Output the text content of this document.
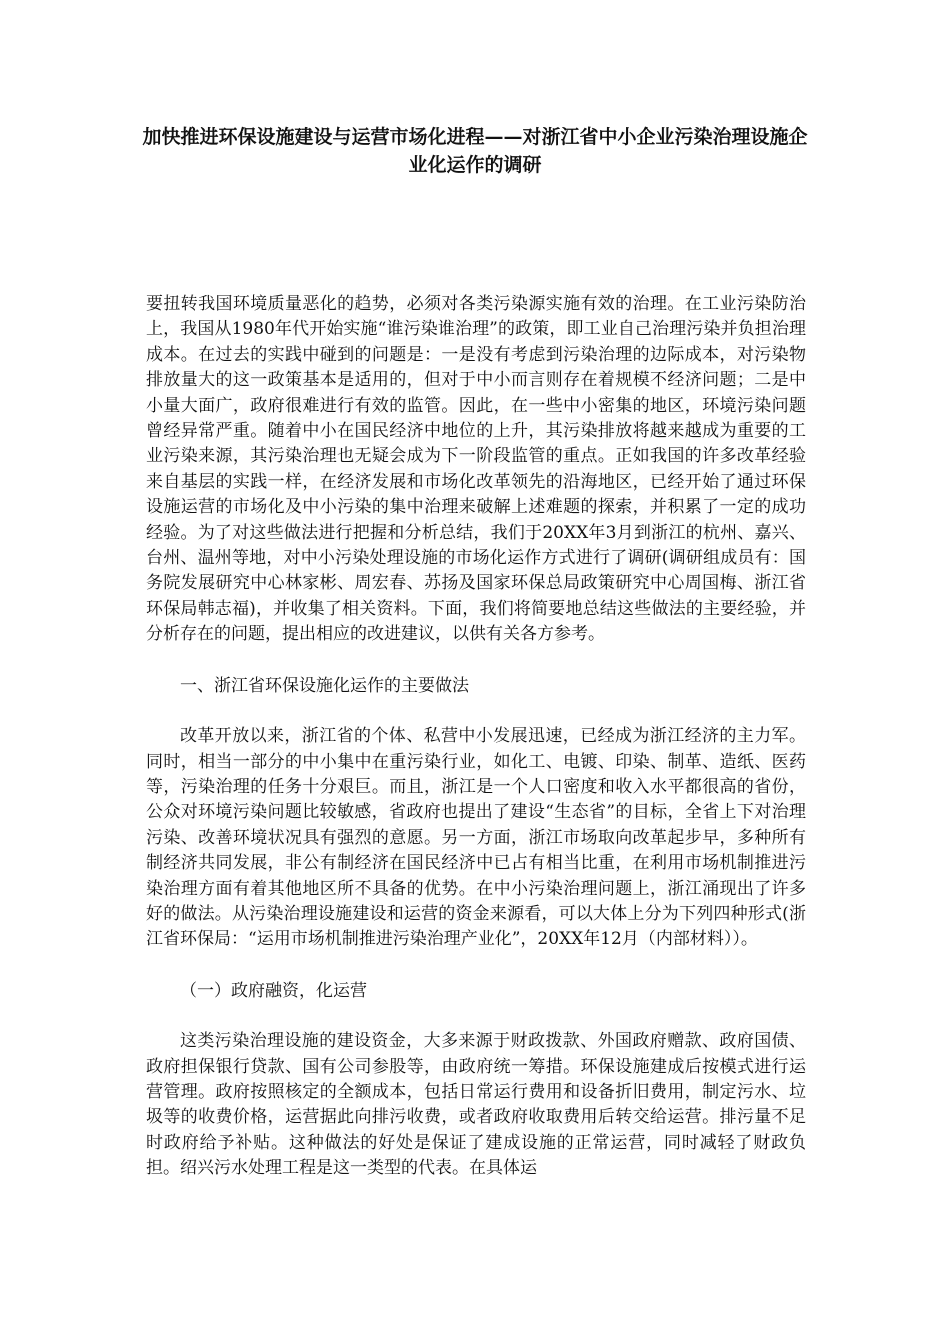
加快推进环保设施建设与运营市场化进程——对浙江省中小企业污染治理设施企业化运作的调研

要扭转我国环境质量恶化的趋势，必须对各类污染源实施有效的治理。在工业污染防治上，我国从1980年代开始实施“谁污染谁治理”的政策，即工业自己治理污染并负担治理成本。在过去的实践中碰到的问题是：一是没有考虑到污染治理的边际成本，对污染物排放量大的这一政策基本是适用的，但对于中小而言则存在着规模不经济问题；二是中小量大面广，政府很难进行有效的监管。因此，在一些中小密集的地区，环境污染问题曾经异常严重。随着中小在国民经济中地位的上升，其污染排放将越来越成为重要的工业污染来源，其污染治理也无疑会成为下一阶段监管的重点。正如我国的许多改革经验来自基层的实践一样，在经济发展和市场化改革领先的沿海地区，已经开始了通过环保设施运营的市场化及中小污染的集中治理来破解上述难题的探索，并积累了一定的成功经验。为了对这些做法进行把握和分析总结，我们于20XX年3月到浙江的杭州、嘉兴、台州、温州等地，对中小污染处理设施的市场化运作方式进行了调研(调研组成员有：国务院发展研究中心林家彬、周宏春、苏扬及国家环保总局政策研究中心周国梅、浙江省环保局韩志福)，并收集了相关资料。下面，我们将简要地总结这些做法的主要经验，并分析存在的问题，提出相应的改进建议，以供有关各方参考。

一、浙江省环保设施化运作的主要做法

改革开放以来，浙江省的个体、私营中小发展迅速，已经成为浙江经济的主力军。同时，相当一部分的中小集中在重污染行业，如化工、电镀、印染、制革、造纸、医药等，污染治理的任务十分艰巨。而且，浙江是一个人口密度和收入水平都很高的省份，公众对环境污染问题比较敏感，省政府也提出了建设“生态省”的目标，全省上下对治理污染、改善环境状况具有强烈的意愿。另一方面，浙江市场取向改革起步早，多种所有制经济共同发展，非公有制经济在国民经济中已占有相当比重，在利用市场机制推进污染治理方面有着其他地区所不具备的优势。在中小污染治理问题上，浙江涌现出了许多好的做法。从污染治理设施建设和运营的资金来源看，可以大体上分为下列四种形式(浙江省环保局：“运用市场机制推进污染治理产业化”，20XX年12月（内部材料））。

（一）政府融资，化运营

这类污染治理设施的建设资金，大多来源于财政拨款、外国政府赠款、政府国债、政府担保银行贷款、国有公司参股等，由政府统一筹措。环保设施建成后按模式进行运营管理。政府按照核定的全额成本，包括日常运行费用和设备折旧费用，制定污水、垃圾等的收费价格，运营据此向排污收费，或者政府收取费用后转交给运营。排污量不足时政府给予补贴。这种做法的好处是保证了建成设施的正常运营，同时减轻了财政负担。绍兴污水处理工程是这一类型的代表。在具体运
